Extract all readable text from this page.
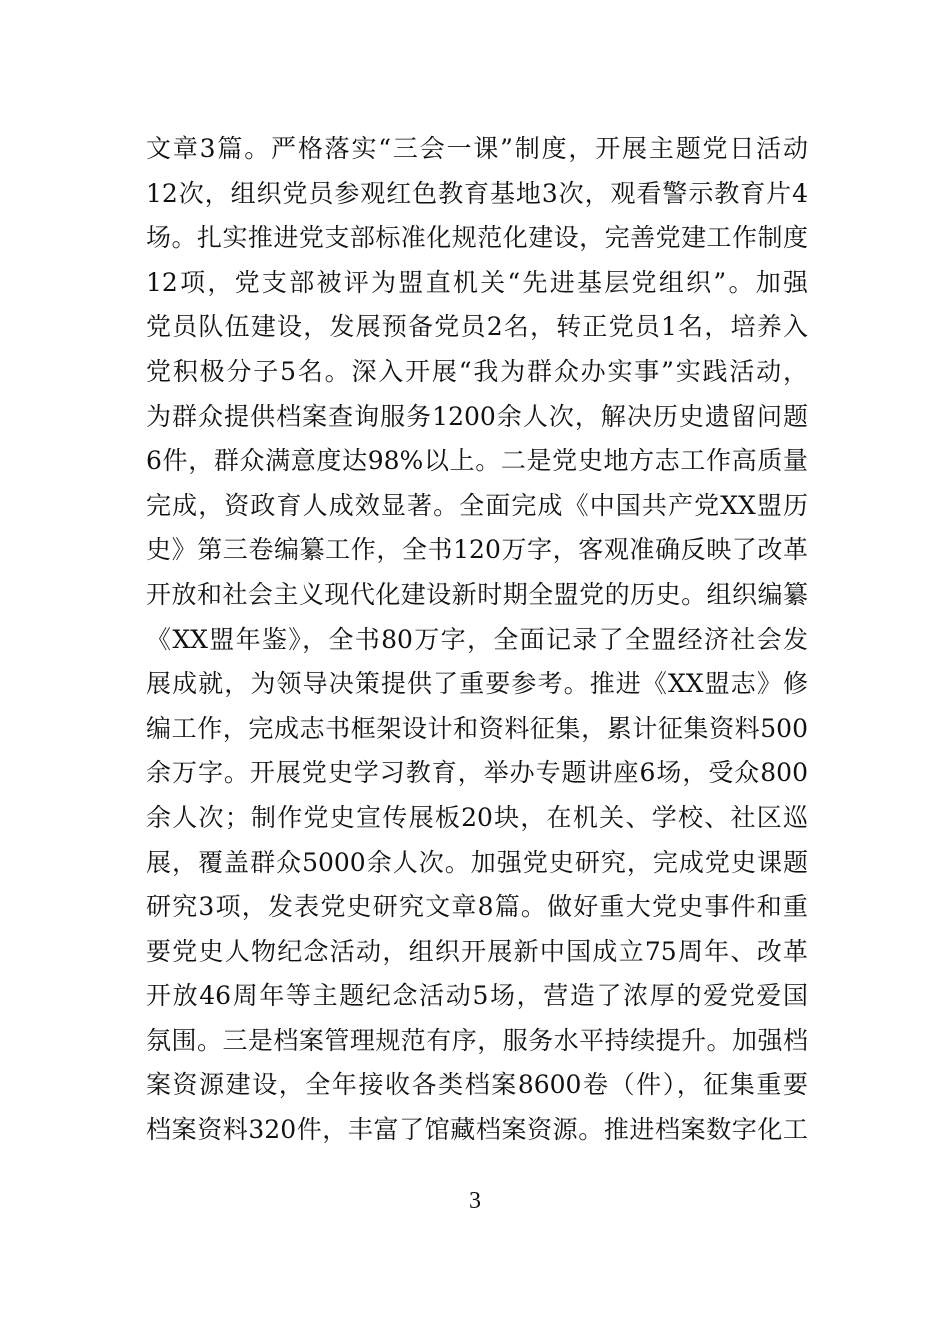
文章3篇。严格落实“三会一课”制度，开展主题党日活动
12次，组织党员参观红色教育基地3次，观看警示教育片4
场。扎实推进党支部标准化规范化建设，完善党建工作制度
12项，党支部被评为盟直机关“先进基层党组织”。加强
党员队伍建设，发展预备党员2名，转正党员1名，培养入
党积极分子5名。深入开展“我为群众办实事”实践活动，
为群众提供档案查询服务1200余人次，解决历史遗留问题
6件，群众满意度达98%以上。二是党史地方志工作高质量
完成，资政育人成效显著。全面完成《中国共产党XX盟历
史》第三卷编纂工作，全书120万字，客观准确反映了改革
开放和社会主义现代化建设新时期全盟党的历史。组织编纂
《XX盟年鉴》，全书80万字，全面记录了全盟经济社会发
展成就，为领导决策提供了重要参考。推进《XX盟志》修
编工作，完成志书框架设计和资料征集，累计征集资料500
余万字。开展党史学习教育，举办专题讲座6场，受众800
余人次；制作党史宣传展板20块，在机关、学校、社区巡
展，覆盖群众5000余人次。加强党史研究，完成党史课题
研究3项，发表党史研究文章8篇。做好重大党史事件和重
要党史人物纪念活动，组织开展新中国成立75周年、改革
开放46周年等主题纪念活动5场，营造了浓厚的爱党爱国
氛围。三是档案管理规范有序，服务水平持续提升。加强档
案资源建设，全年接收各类档案8600卷（件），征集重要
档案资料320件，丰富了馆藏档案资源。推进档案数字化工
3
